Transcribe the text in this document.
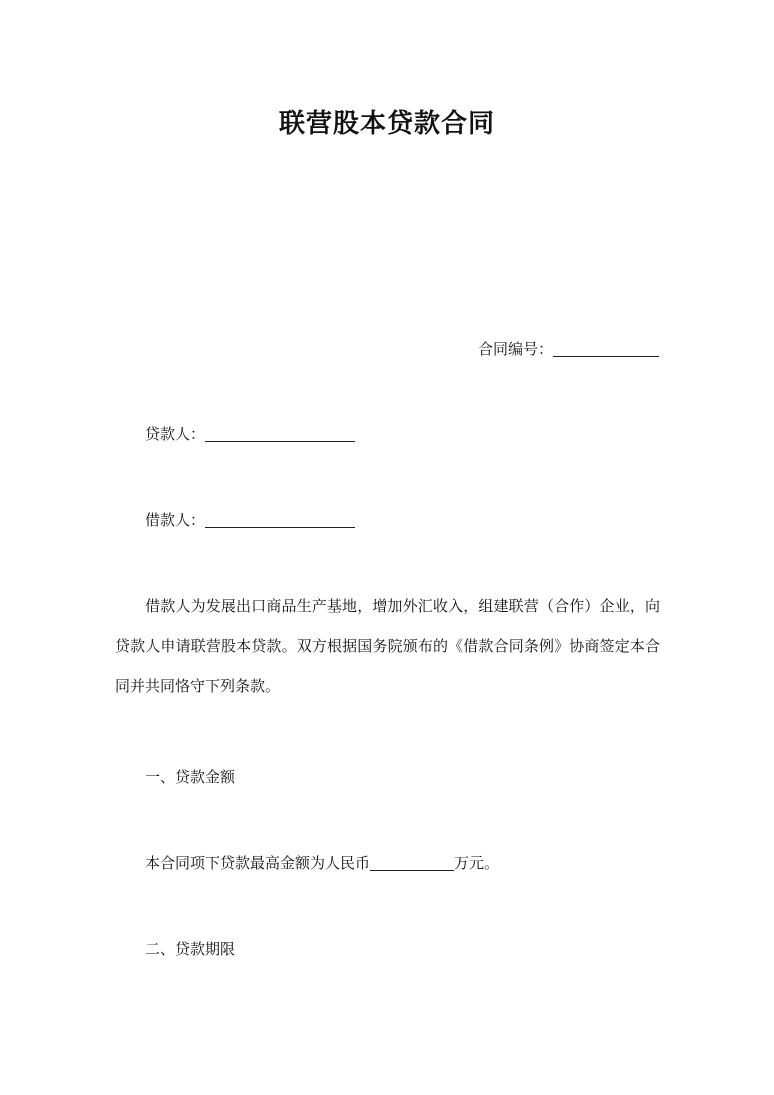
联营股本贷款合同
合同编号：
贷款人：
借款人：
借款人为发展出口商品生产基地，增加外汇收入，组建联营（合作）企业，向贷款人申请联营股本贷款。双方根据国务院颁布的《借款合同条例》协商签定本合同并共同恪守下列条款。
一、贷款金额
本合同项下贷款最高金额为人民币	万元。
二、贷款期限
